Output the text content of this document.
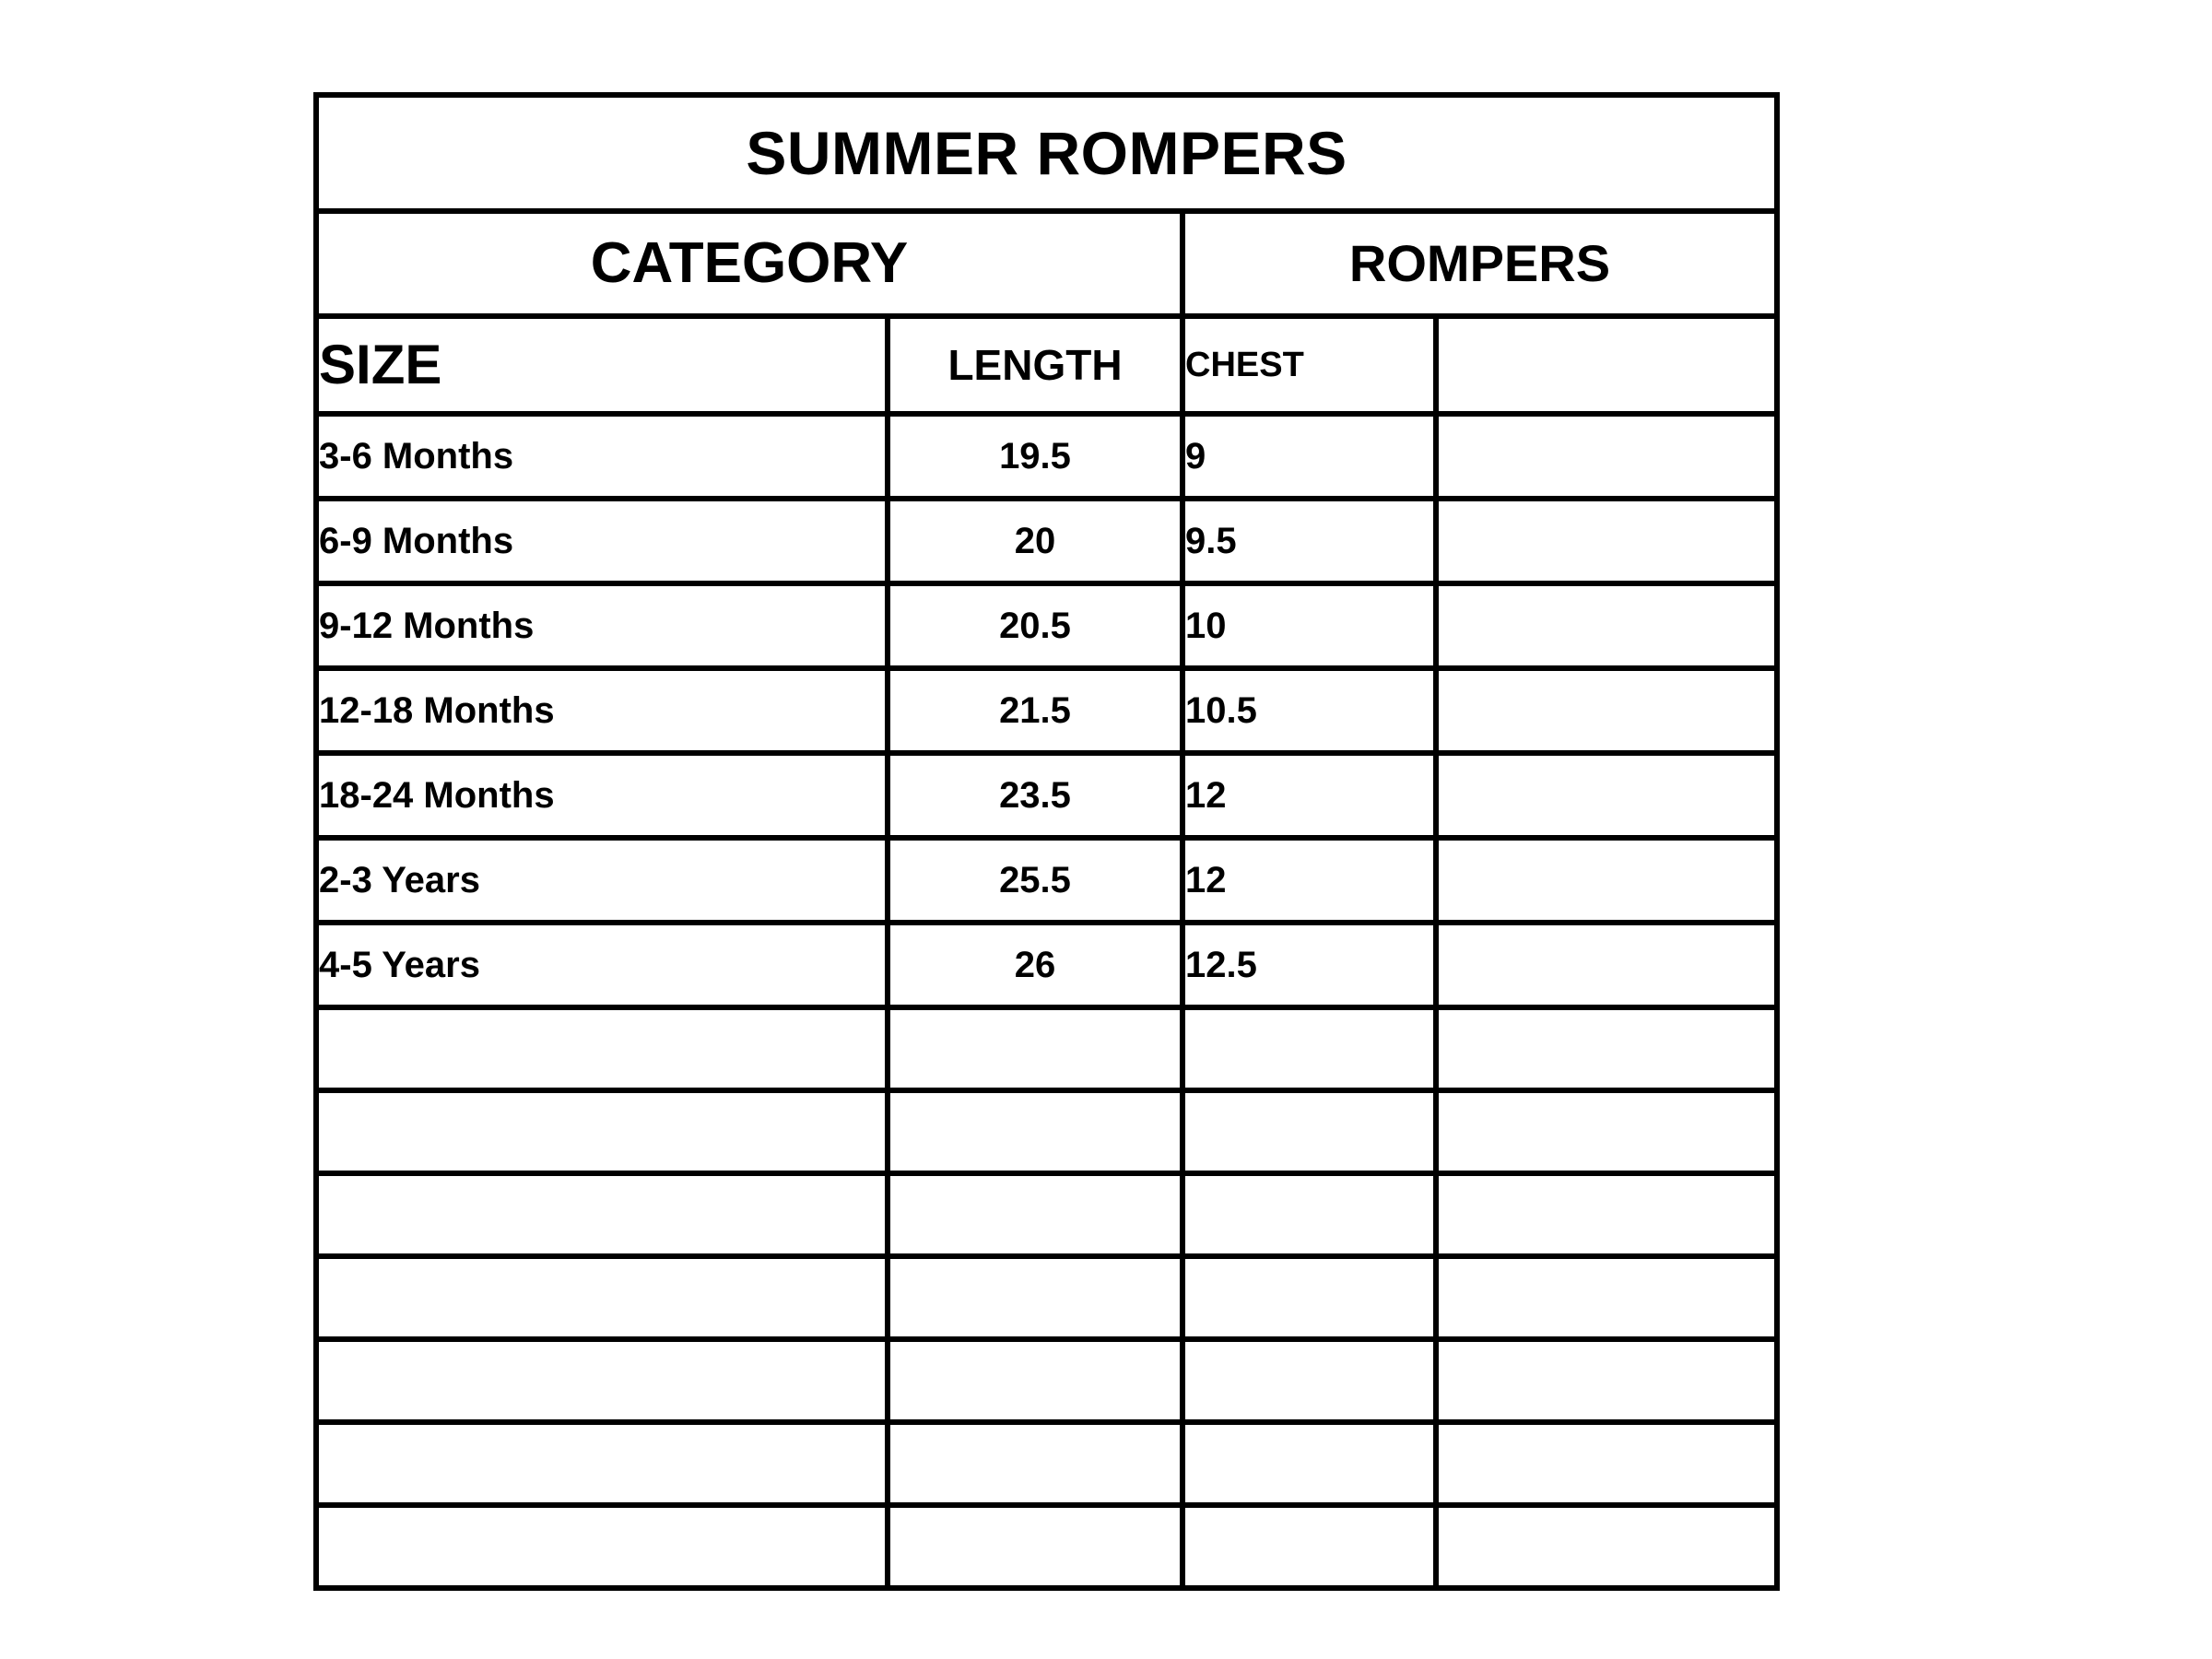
SUMMER ROMPERS			
CATEGORY		ROMPERS	
SIZE	LENGTH	CHEST	
3-6 Months	19.5	9	
6-9 Months	20	9.5	
9-12 Months	20.5	10	
12-18 Months	21.5	10.5	
18-24 Months	23.5	12	
2-3 Years	25.5	12	
4-5 Years	26	12.5	
